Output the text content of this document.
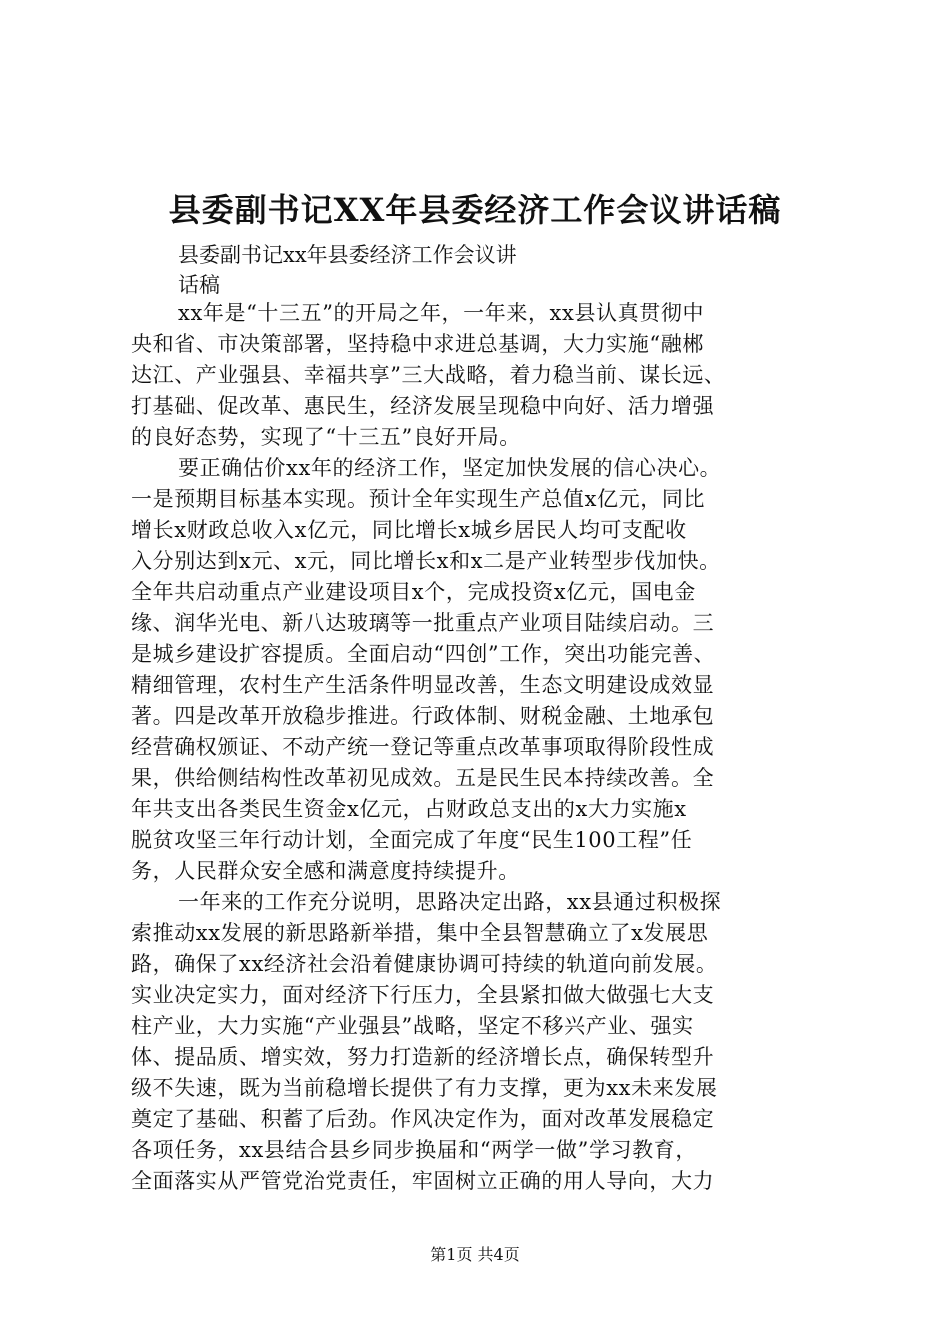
县委副书记XX年县委经济工作会议讲话稿
县委副书记xx年县委经济工作会议讲
话稿
xx年是“十三五”的开局之年，一年来，xx县认真贯彻中
央和省、市决策部署，坚持稳中求进总基调，大力实施“融郴
达江、产业强县、幸福共享”三大战略，着力稳当前、谋长远、
打基础、促改革、惠民生，经济发展呈现稳中向好、活力增强
的良好态势，实现了“十三五”良好开局。
要正确估价xx年的经济工作，坚定加快发展的信心决心。
一是预期目标基本实现。预计全年实现生产总值x亿元，同比
增长x财政总收入x亿元，同比增长x城乡居民人均可支配收
入分别达到x元、x元，同比增长x和x二是产业转型步伐加快。
全年共启动重点产业建设项目x个，完成投资x亿元，国电金
缘、润华光电、新八达玻璃等一批重点产业项目陆续启动。三
是城乡建设扩容提质。全面启动“四创”工作，突出功能完善、
精细管理，农村生产生活条件明显改善，生态文明建设成效显
著。四是改革开放稳步推进。行政体制、财税金融、土地承包
经营确权颁证、不动产统一登记等重点改革事项取得阶段性成
果，供给侧结构性改革初见成效。五是民生民本持续改善。全
年共支出各类民生资金x亿元，占财政总支出的x大力实施x
脱贫攻坚三年行动计划，全面完成了年度“民生100工程”任
务，人民群众安全感和满意度持续提升。
一年来的工作充分说明，思路决定出路，xx县通过积极探
索推动xx发展的新思路新举措，集中全县智慧确立了x发展思
路，确保了xx经济社会沿着健康协调可持续的轨道向前发展。
实业决定实力，面对经济下行压力，全县紧扣做大做强七大支
柱产业，大力实施“产业强县”战略，坚定不移兴产业、强实
体、提品质、增实效，努力打造新的经济增长点，确保转型升
级不失速，既为当前稳增长提供了有力支撑，更为xx未来发展
奠定了基础、积蓄了后劲。作风决定作为，面对改革发展稳定
各项任务，xx县结合县乡同步换届和“两学一做”学习教育，
全面落实从严管党治党责任，牢固树立正确的用人导向，大力
第1页 共4页
